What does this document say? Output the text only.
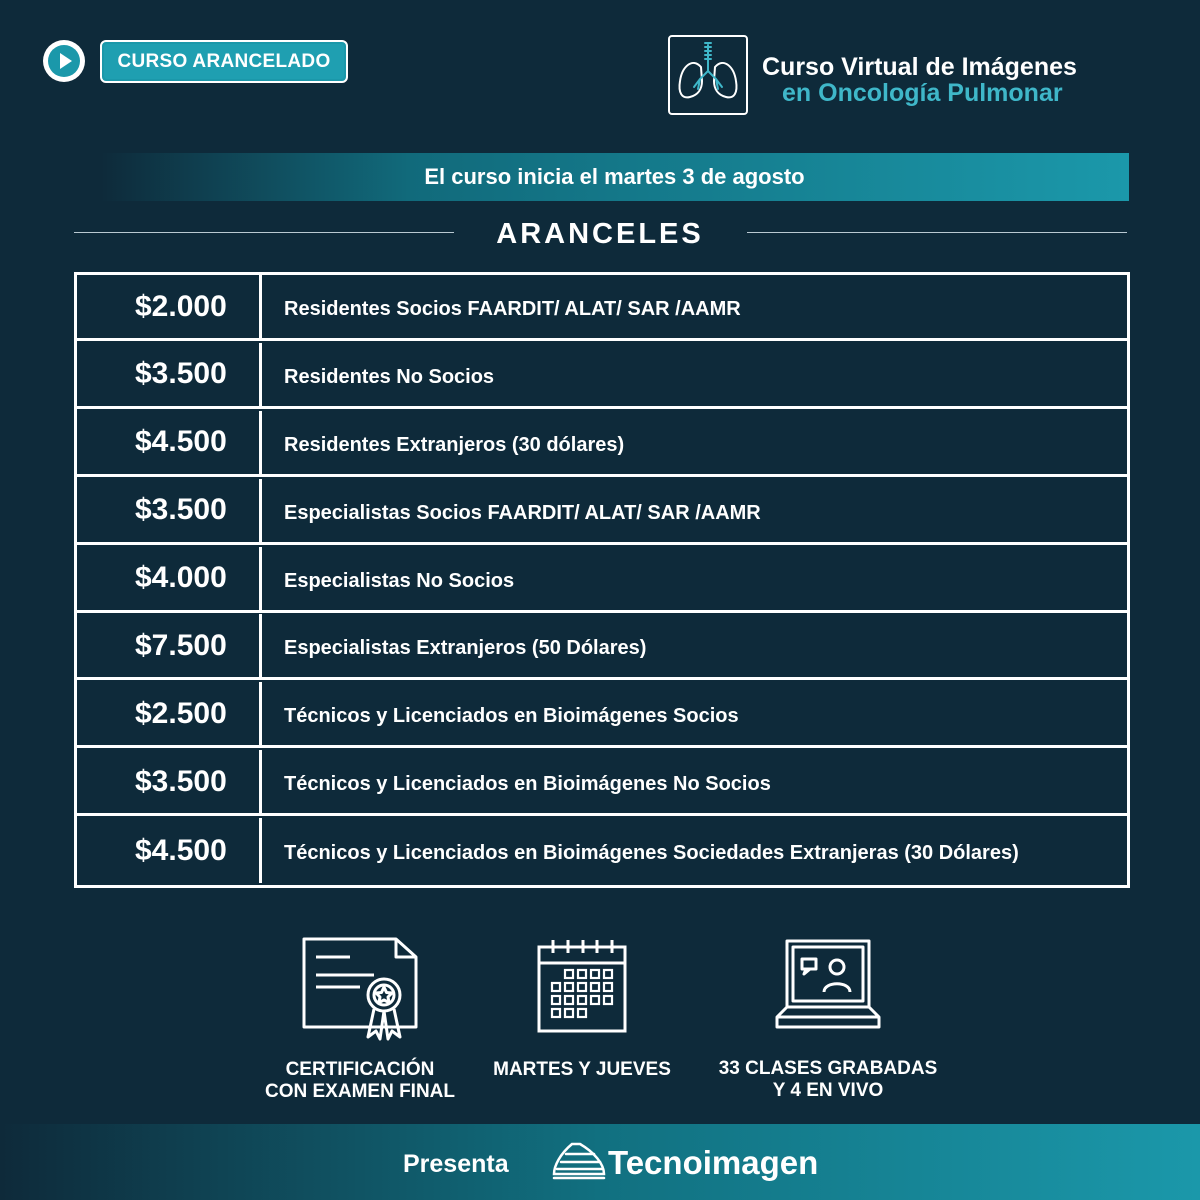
CURSO ARANCELADO	Curso Virtual de Imágenes
en Oncología Pulmonar
El curso inicia el martes 3 de agosto
ARANCELES
$2.000	Residentes Socios FAARDIT/ ALAT/ SAR /AAMR
$3.500	Residentes No Socios
$4.500	Residentes Extranjeros (30 dólares)
$3.500	Especialistas Socios FAARDIT/ ALAT/ SAR /AAMR
$4.000	Especialistas No Socios
$7.500	Especialistas Extranjeros (50 Dólares)
$2.500	Técnicos y Licenciados en Bioimágenes Socios
$3.500	Técnicos y Licenciados en Bioimágenes No Socios
$4.500	Técnicos y Licenciados en Bioimágenes Sociedades Extranjeras (30 Dólares)
CERTIFICACIÓN
CON EXAMEN FINAL
MARTES Y JUEVES	33 CLASES GRABADAS
Y 4 EN VIVO
Presenta	Tecnoimagen
